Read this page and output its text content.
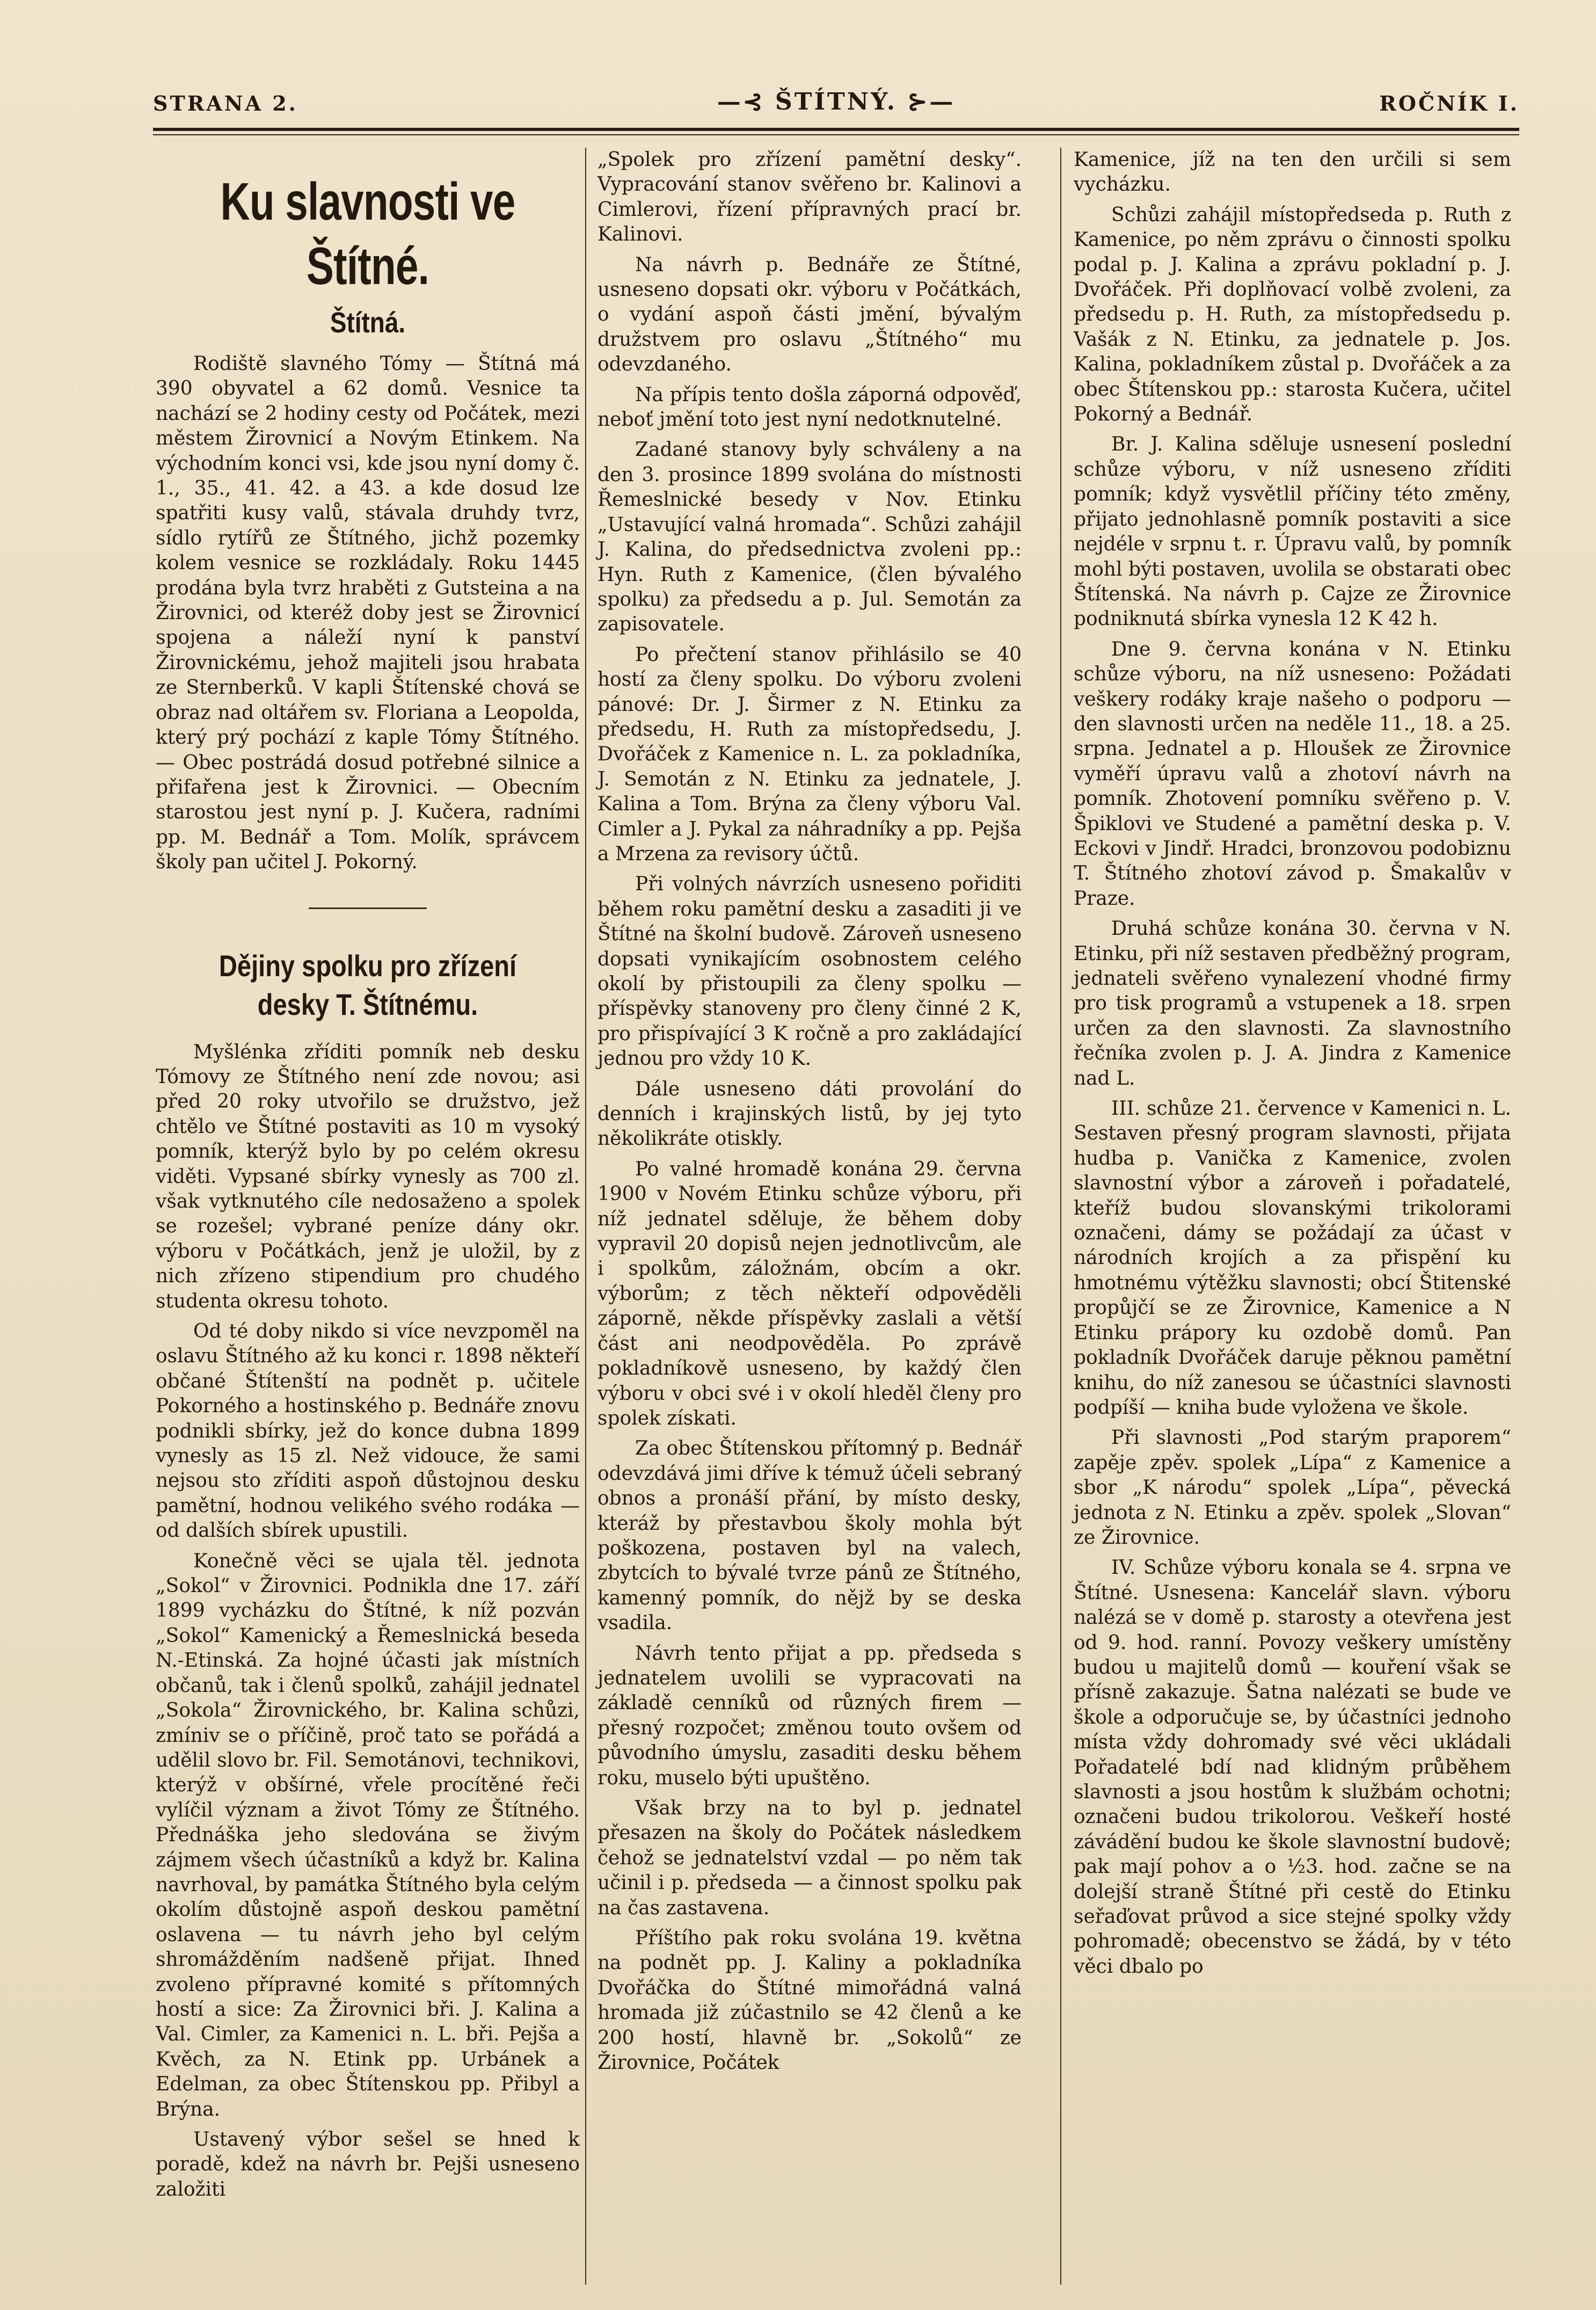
STRANA 2.	—⊰ ŠTÍTNÝ. ⊱—	ROČNÍK I.
Ku slavnosti ve Štítné.
Štítná.

Rodiště slavného Tómy — Štítná má 390 obyvatel a 62 domů. Vesnice ta nachází se 2 hodiny cesty od Počátek, mezi městem Žirovnicí a Novým Etinkem. Na východním konci vsi, kde jsou nyní domy č. 1., 35., 41. 42. a 43. a kde dosud lze spatřiti kusy valů, stávala druhdy tvrz, sídlo rytířů ze Štítného, jichž pozemky kolem vesnice se rozkládaly. Roku 1445 prodána byla tvrz hraběti z Gutsteina a na Žirovnici, od kteréž doby jest se Žirovnicí spojena a náleží nyní k panství Žirovnickému, jehož majiteli jsou hrabata ze Sternberků. V kapli Štítenské chová se obraz nad oltářem sv. Floriana a Leopolda, který prý pochází z kaple Tómy Štítného. — Obec postrádá dosud potřebné silnice a přifařena jest k Žirovnici. — Obecním starostou jest nyní p. J. Kučera, radními pp. M. Bednář a Tom. Molík, správcem školy pan učitel J. Pokorný.

Dějiny spolku pro zřízení desky T. Štítnému.

Myšlénka zříditi pomník neb desku Tómovy ze Štítného není zde novou; asi před 20 roky utvořilo se družstvo, jež chtělo ve Štítné postaviti as 10 m vysoký pomník, kterýž bylo by po celém okresu viděti. Vypsané sbírky vynesly as 700 zl. však vytknutého cíle nedosaženo a spolek se rozešel; vybrané peníze dány okr. výboru v Počátkách, jenž je uložil, by z nich zřízeno stipendium pro chudého studenta okresu tohoto.

Od té doby nikdo si více nevzpoměl na oslavu Štítného až ku konci r. 1898 někteří občané Štítenští na podnět p. učitele Pokorného a hostinského p. Bednáře znovu podnikli sbírky, jež do konce dubna 1899 vynesly as 15 zl. Než vidouce, že sami nejsou sto zříditi aspoň důstojnou desku pamětní, hodnou velikého svého rodáka — od dalších sbírek upustili.

Konečně věci se ujala těl. jednota „Sokol“ v Žirovnici. Podnikla dne 17. září 1899 vycházku do Štítné, k níž pozván „Sokol“ Kamenický a Řemeslnická beseda N.-Etinská. Za hojné účasti jak místních občanů, tak i členů spolků, zahájil jednatel „Sokola“ Žirovnického, br. Kalina schůzi, zmíniv se o příčině, proč tato se pořádá a udělil slovo br. Fil. Semotánovi, technikovi, kterýž v obšírné, vřele procítěné řeči vylíčil význam a život Tómy ze Štítného. Přednáška jeho sledována se živým zájmem všech účastníků a když br. Kalina navrhoval, by památka Štítného byla celým okolím důstojně aspoň deskou pamětní oslavena — tu návrh jeho byl celým shromážděním nadšeně přijat. Ihned zvoleno přípravné komité s přítomných hostí a sice: Za Žirovnici bři. J. Kalina a Val. Cimler, za Kamenici n. L. bři. Pejša a Kvěch, za N. Etink pp. Urbánek a Edelman, za obec Štítenskou pp. Přibyl a Brýna.

Ustavený výbor sešel se hned k poradě, kdež na návrh br. Pejši usneseno založiti

„Spolek pro zřízení pamětní desky“. Vypracování stanov svěřeno br. Kalinovi a Cimlerovi, řízení přípravných prací br. Kalinovi.

Na návrh p. Bednáře ze Štítné, usneseno dopsati okr. výboru v Počátkách, o vydání aspoň části jmění, bývalým družstvem pro oslavu „Štítného“ mu odevzdaného.

Na přípis tento došla záporná odpověď, neboť jmění toto jest nyní nedotknutelné.

Zadané stanovy byly schváleny a na den 3. prosince 1899 svolána do místnosti Řemeslnické besedy v Nov. Etinku „Ustavující valná hromada“. Schůzi zahájil J. Kalina, do předsednictva zvoleni pp.: Hyn. Ruth z Kamenice, (člen bývalého spolku) za předsedu a p. Jul. Semotán za zapisovatele.

Po přečtení stanov přihlásilo se 40 hostí za členy spolku. Do výboru zvoleni pánové: Dr. J. Širmer z N. Etinku za předsedu, H. Ruth za místopředsedu, J. Dvořáček z Kamenice n. L. za pokladníka, J. Semotán z N. Etinku za jednatele, J. Kalina a Tom. Brýna za členy výboru Val. Cimler a J. Pykal za náhradníky a pp. Pejša a Mrzena za revisory účtů.

Při volných návrzích usneseno pořiditi během roku pamětní desku a zasaditi ji ve Štítné na školní budově. Zároveň usneseno dopsati vynikajícím osobnostem celého okolí by přistoupili za členy spolku — příspěvky stanoveny pro členy činné 2 K, pro přispívající 3 K ročně a pro zakládající jednou pro vždy 10 K.

Dále usneseno dáti provolání do denních i krajinských listů, by jej tyto několikráte otiskly.

Po valné hromadě konána 29. června 1900 v Novém Etinku schůze výboru, při níž jednatel sděluje, že během doby vypravil 20 dopisů nejen jednotlivcům, ale i spolkům, záložnám, obcím a okr. výborům; z těch někteří odpověděli záporně, někde příspěvky zaslali a větší část ani neodpověděla. Po zprávě pokladníkově usneseno, by každý člen výboru v obci své i v okolí hleděl členy pro spolek získati.

Za obec Štítenskou přítomný p. Bednář odevzdává jimi dříve k témuž účeli sebraný obnos a pronáší přání, by místo desky, kteráž by přestavbou školy mohla být poškozena, postaven byl na valech, zbytcích to bývalé tvrze pánů ze Štítného, kamenný pomník, do nějž by se deska vsadila.

Návrh tento přijat a pp. předseda s jednatelem uvolili se vypracovati na základě cenníků od různých firem — přesný rozpočet; změnou touto ovšem od původního úmyslu, zasaditi desku během roku, muselo býti upuštěno.

Však brzy na to byl p. jednatel přesazen na školy do Počátek následkem čehož se jednatelství vzdal — po něm tak učinil i p. předseda — a činnost spolku pak na čas zastavena.

Příštího pak roku svolána 19. května na podnět pp. J. Kaliny a pokladníka Dvořáčka do Štítné mimořádná valná hromada již zúčastnilo se 42 členů a ke 200 hostí, hlavně br. „Sokolů“ ze Žirovnice, Počátek

Kamenice, jíž na ten den určili si sem vycházku.

Schůzi zahájil místopředseda p. Ruth z Kamenice, po něm zprávu o činnosti spolku podal p. J. Kalina a zprávu pokladní p. J. Dvořáček. Při doplňovací volbě zvoleni, za předsedu p. H. Ruth, za místopředsedu p. Vašák z N. Etinku, za jednatele p. Jos. Kalina, pokladníkem zůstal p. Dvořáček a za obec Štítenskou pp.: starosta Kučera, učitel Pokorný a Bednář.

Br. J. Kalina sděluje usnesení poslední schůze výboru, v níž usneseno zříditi pomník; když vysvětlil příčiny této změny, přijato jednohlasně pomník postaviti a sice nejdéle v srpnu t. r. Úpravu valů, by pomník mohl býti postaven, uvolila se obstarati obec Štítenská. Na návrh p. Cajze ze Žirovnice podniknutá sbírka vynesla 12 K 42 h.

Dne 9. června konána v N. Etinku schůze výboru, na níž usneseno: Požádati veškery rodáky kraje našeho o podporu — den slavnosti určen na neděle 11., 18. a 25. srpna. Jednatel a p. Hloušek ze Žirovnice vyměří úpravu valů a zhotoví návrh na pomník. Zhotovení pomníku svěřeno p. V. Špiklovi ve Studené a pamětní deska p. V. Eckovi v Jindř. Hradci, bronzovou podobiznu T. Štítného zhotoví závod p. Šmakalův v Praze.

Druhá schůze konána 30. června v N. Etinku, při níž sestaven předběžný program, jednateli svěřeno vynalezení vhodné firmy pro tisk programů a vstupenek a 18. srpen určen za den slavnosti. Za slavnostního řečníka zvolen p. J. A. Jindra z Kamenice nad L.

III. schůze 21. července v Kamenici n. L. Sestaven přesný program slavnosti, přijata hudba p. Vanička z Kamenice, zvolen slavnostní výbor a zároveň i pořadatelé, kteříž budou slovanskými trikolorami označeni, dámy se požádají za účast v národních krojích a za přispění ku hmotnému výtěžku slavnosti; obcí Štitenské propůjčí se ze Žirovnice, Kamenice a N Etinku prápory ku ozdobě domů. Pan pokladník Dvořáček daruje pěknou pamětní knihu, do níž zanesou se účastníci slavnosti podpíší — kniha bude vyložena ve škole.

Při slavnosti „Pod starým praporem“ zapěje zpěv. spolek „Lípa“ z Kamenice a sbor „K národu“ spolek „Lípa“, pěvecká jednota z N. Etinku a zpěv. spolek „Slovan“ ze Žirovnice.

IV. Schůze výboru konala se 4. srpna ve Štítné. Usnesena: Kancelář slavn. výboru nalézá se v domě p. starosty a otevřena jest od 9. hod. ranní. Povozy veškery umístěny budou u majitelů domů — kouření však se přísně zakazuje. Šatna nalézati se bude ve škole a odporučuje se, by účastníci jednoho místa vždy dohromady své věci ukládali Pořadatelé bdí nad klidným průběhem slavnosti a jsou hostům k službám ochotni; označeni budou trikolorou. Veškeří hosté závádění budou ke škole slavnostní budově; pak mají pohov a o ½3. hod. začne se na dolejší straně Štítné při cestě do Etinku seřaďovat průvod a sice stejné spolky vždy pohromadě; obecenstvo se žádá, by v této věci dbalo po
